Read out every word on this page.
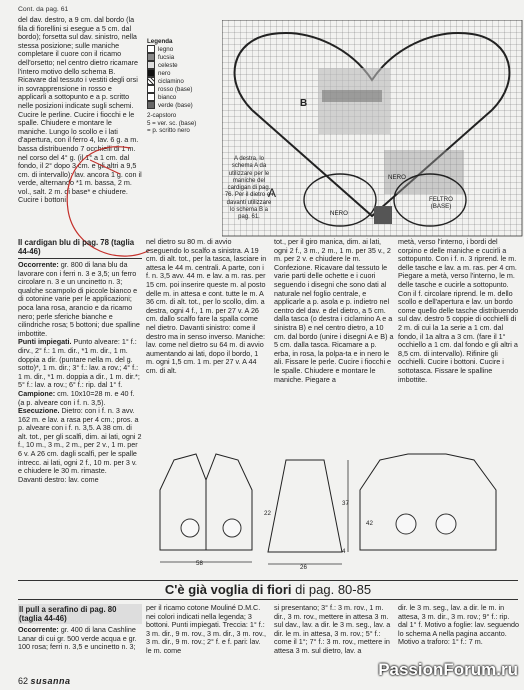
Cont. da pag. 61

del dav. destro, a 9 cm. dal bordo (la fila di fiorellini si esegue a 5 cm. dal bordo); forsetta sul dav. sinistro, nella stessa posizione; sulle maniche completare il cuore con il ricamo dell'orsetto; nel centro dietro ricamare l'intero motivo dello schema B. Ricavare dal tessuto i vestiti degli orsi in sovrapprensione in rosso e applicarli a sottopunto e a p. scritto nelle posizioni indicate sugli schemi. Cucire le perline. Cucire i fiocchi e le spalle. Chiudere e montare le maniche. Lungo lo scollo e i lati d'apertura, con il ferro 4, lav. 6 g. a m. bassa distribuendo 7 occhielli di 1 m. nel corso del 4° g. (il 1° a 1 cm. dal fondo, il 2° dopo 3 cm. e gli altri a 9,5 cm. di intervallo); lav. ancora 1 g. con il verde, alternando *1 m. bassa, 2 m. vol., salt. 2 m. di base* e chiudere. Cucire i bottoni.

Legenda
legno
fucsia
celeste
nero
ciclamino
rosso (base)
bianco
verde (base)
2-capstoro
5 = ver. sc. (base)
= p. scritto nero
B
A
NERO
FELTRO (BASE)
NERO
A destra, lo schema A da utilizzare per le maniche del cardigan di pag. 76. Per il dietro e i davanti utilizzare lo schema B a pag. 61.

Il cardigan blu di pag. 78 (taglia 44-46)

Occorrente: gr. 800 di lana blu da lavorare con i ferri n. 3 e 3,5; un ferro circolare n. 3 e un uncinetto n. 3; qualche scampolo di piccole bianco e di cotonine varie per le applicazioni; poca lana rosa, arancio e da ricamo nero; perle sferiche bianche e cilindriche rosa; 5 bottoni; due spalline imbottite.

Punti impiegati. Punto alveare: 1° f.: dirv., 2° f.: 1 m. dir., *1 m. dir., 1 m. doppia a dir. (puntare nella m. del g. sotto)*, 1 m. dir.; 3° f.: lav. a rov.; 4° f.: 1 m. dir., *1 m. doppia a dir., 1 m. dir.*; 5° f.: lav. a rov.; 6° f.: rip. dal 1° f.

Campione: cm. 10x10=28 m. e 40 f. (a p. alveare con i f. n. 3,5).

Esecuzione. Dietro: con i f. n. 3 avv. 162 m. e lav. a rasa per 4 cm.; pros. a p. alveare con i f. n. 3,5. A 38 cm. di alt. tot., per gli scalfi, dim. ai lati, ogni 2 f., 10 m., 3 m., 2 m., per 2 v., 1 m. per 6 v. A 26 cm. dagli scalfi, per le spalle intrecc. ai lati, ogni 2 f., 10 m. per 3 v. e chiudere le 30 m. rimaste.

Davanti destro: lav. come

nel dietro su 80 m. di avvio eseguendo lo scalfo a sinistra. A 19 cm. di alt. tot., per la tasca, lasciare in attesa le 44 m. centrali. A parte, con i f. n. 3,5 avv. 44 m. e lav. a m. ras. per 15 cm. poi inserire queste m. al posto delle m. in attesa e cont. tutte le m. A 36 cm. di alt. tot., per lo scollo, dim. a destra, ogni 4 f., 1 m. per 27 v. A 26 cm. dallo scalfo fare la spalla come nel dietro. Davanti sinistro: come il destro ma in senso inverso. Maniche: lav. come nel dietro su 64 m. di avvio aumentando ai lati, dopo il bordo, 1 m. ogni 1,5 cm. 1 m. per 27 v. A 44 cm. di alt.

tot., per il giro manica, dim. ai lati, ogni 2 f., 3 m., 2 m., 1 m. per 35 v., 2 m. per 2 v. e chiudere le m. Confezione. Ricavare dal tessuto le varie parti delle ochette e i cuori seguendo i disegni che sono dati al naturale nel foglio centrale, e applicarle a p. asola e p. indietro nel centro del dav. e del dietro, a 5 cm. dalla tasca (o destra i ciclamino A e a sinistra B) e nel centro dietro, a 10 cm. dal bordo (unire i disegni A e B) a 5 cm. dalla tasca. Ricamare a p. erba, in rosa, la polpa-ta e in nero le ali. Fissare le perle. Cucire i fiocchi e le spalle. Chiudere e montare le maniche. Piegare a

metà, verso l'interno, i bordi del corpino e delle maniche e cucirli a sottopunto. Con i f. n. 3 riprend. le m. delle tasche e lav. a m. ras. per 4 cm. Piegare a metà, verso l'interno, le m. delle tasche e cucirle a sottopunto. Con il f. circolare riprend. le m. dello scollo e dell'apertura e lav. un bordo come quello delle tasche distribuendo sul dav. destro 5 coppie di occhielli di 2 m. di cui la 1a serie a 1 cm. dal fondo, il 1a altra a 3 cm. (fare il 1° occhiello a 1 cm. dal fondo e gli altri a 8,5 cm. di intervallo). Rifinire gli occhielli. Cucire i bottoni. Cucire i sottotasca. Fissare le spalline imbottite.

58
26
37
4
42
22
C'è già voglia di fiori di pag. 80-85

Il pull a serafino di pag. 80 (taglia 44-46)

Occorrente: gr. 400 di lana Cashline Lanar di cui gr. 500 verde acqua e gr. 100 rosa; ferri n. 3,5 e uncinetto n. 3;

per il ricamo cotone Mouliné D.M.C. nei colori indicati nella legenda; 3 bottoni. Punti impiegati. Treccia: 1° f.: 3 m. dir., 9 m. rov., 3 m. dir., 3 m. rov., 3 m. dir., 9 m. rov.; 2° f. e f. pari: lav. le m. come

si presentano; 3° f.: 3 m. rov., 1 m. dir., 3 m. rov., mettere in attesa 3 m. sul dav., lav. a dir. le 3 m. seg., lav. a dir. le m. in attesa, 3 m. rov.; 5° f.: come il 1°; 7° f.: 3 m. rov., mettere in attesa 3 m. sul dietro, lav. a

dir. le 3 m. seg., lav. a dir. le m. in attesa, 3 m. dir., 3 m. rov.; 9° f.: rip. dal 1° f. Motivo a foglie: lav. seguendo lo schema A nella pagina accanto. Motivo a traforo: 1° f.: 7 m.

62 susanna
PassionForum.ru
